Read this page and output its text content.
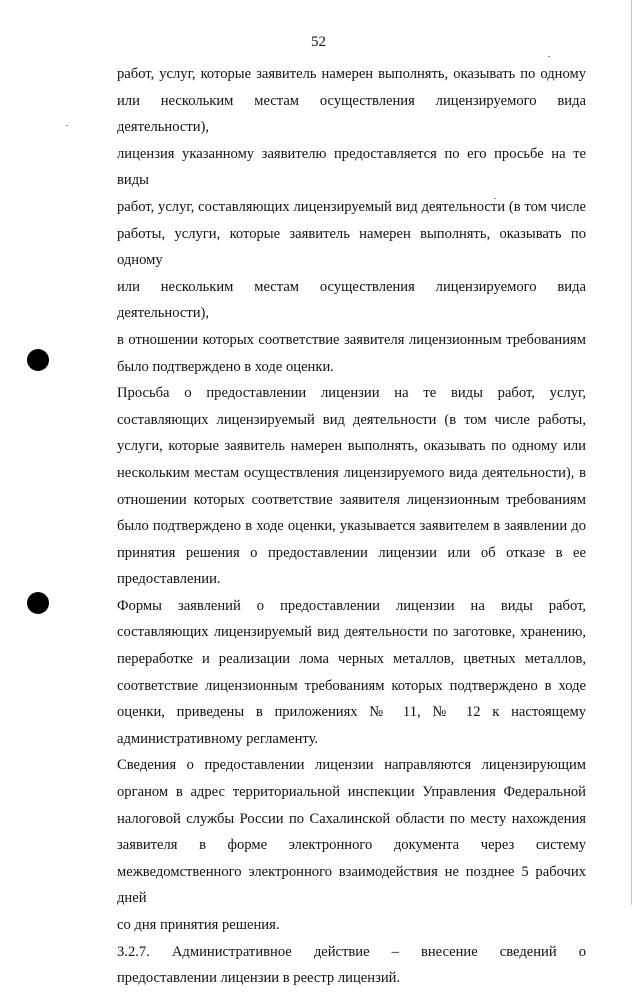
52
работ, услуг, которые заявитель намерен выполнять, оказывать по одному
или нескольким местам осуществления лицензируемого вида деятельности),
лицензия указанному заявителю предоставляется по его просьбе на те виды
работ, услуг, составляющих лицензируемый вид деятельности (в том числе
работы, услуги, которые заявитель намерен выполнять, оказывать по одному
или нескольким местам осуществления лицензируемого вида деятельности),
в отношении которых соответствие заявителя лицензионным требованиям
было подтверждено в ходе оценки.
Просьба о предоставлении лицензии на те виды работ, услуг,
составляющих лицензируемый вид деятельности (в том числе работы,
услуги, которые заявитель намерен выполнять, оказывать по одному или
нескольким местам осуществления лицензируемого вида деятельности), в
отношении которых соответствие заявителя лицензионным требованиям
было подтверждено в ходе оценки, указывается заявителем в заявлении до
принятия решения о предоставлении лицензии или об отказе в ее
предоставлении.
Формы заявлений о предоставлении лицензии на виды работ,
составляющих лицензируемый вид деятельности по заготовке, хранению,
переработке и реализации лома черных металлов, цветных металлов,
соответствие лицензионным требованиям которых подтверждено в ходе
оценки, приведены в приложениях № 11, № 12 к настоящему
административному регламенту.
Сведения о предоставлении лицензии направляются лицензирующим
органом в адрес территориальной инспекции Управления Федеральной
налоговой службы России по Сахалинской области по месту нахождения
заявителя в форме электронного документа через систему
межведомственного электронного взаимодействия не позднее 5 рабочих дней
со дня принятия решения.
3.2.7. Административное действие – внесение сведений о
предоставлении лицензии в реестр лицензий.
